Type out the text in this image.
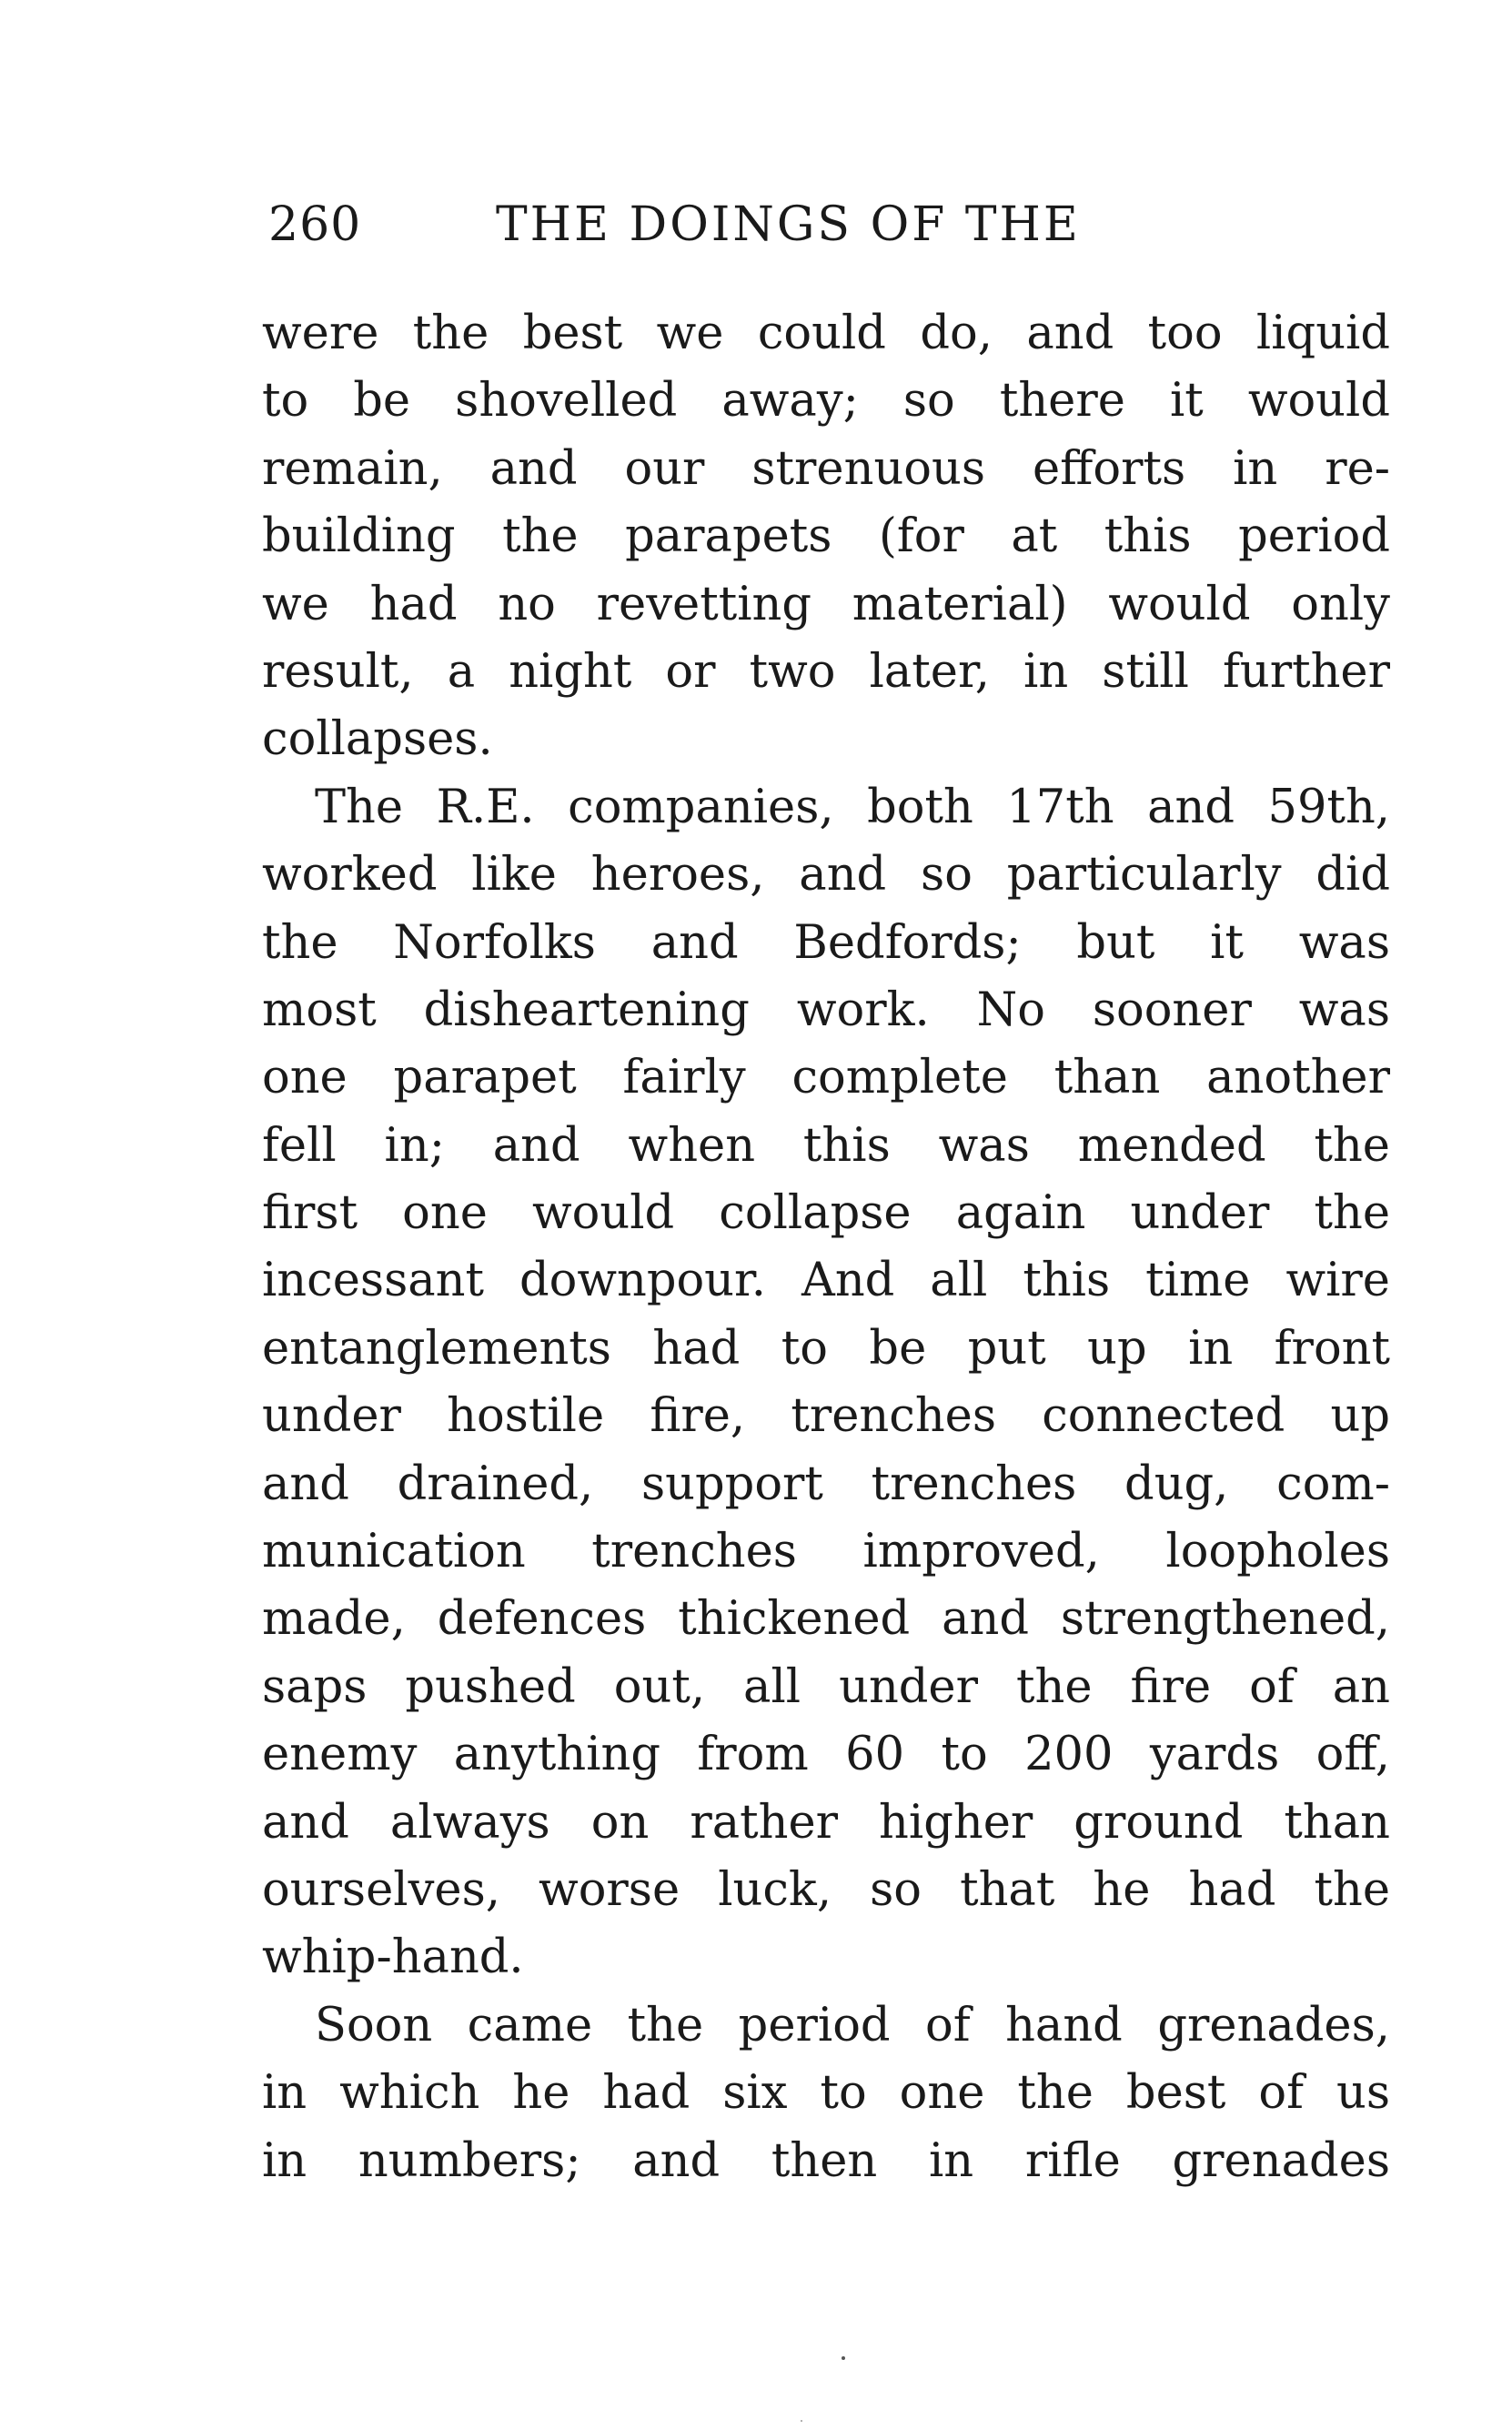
260	THE DOINGS OF THE
were the best we could do, and too liquid
to be shovelled away; so there it would
remain, and our strenuous efforts in re-
building the parapets (for at this period
we had no revetting material) would only
result, a night or two later, in still further
collapses.
The R.E. companies, both 17th and 59th,
worked like heroes, and so particularly did
the Norfolks and Bedfords; but it was
most disheartening work. No sooner was
one parapet fairly complete than another
fell in; and when this was mended the
first one would collapse again under the
incessant downpour. And all this time wire
entanglements had to be put up in front
under hostile fire, trenches connected up
and drained, support trenches dug, com-
munication trenches improved, loopholes
made, defences thickened and strengthened,
saps pushed out, all under the fire of an
enemy anything from 60 to 200 yards off,
and always on rather higher ground than
ourselves, worse luck, so that he had the
whip-hand.
Soon came the period of hand grenades,
in which he had six to one the best of us
in numbers; and then in rifle grenades
